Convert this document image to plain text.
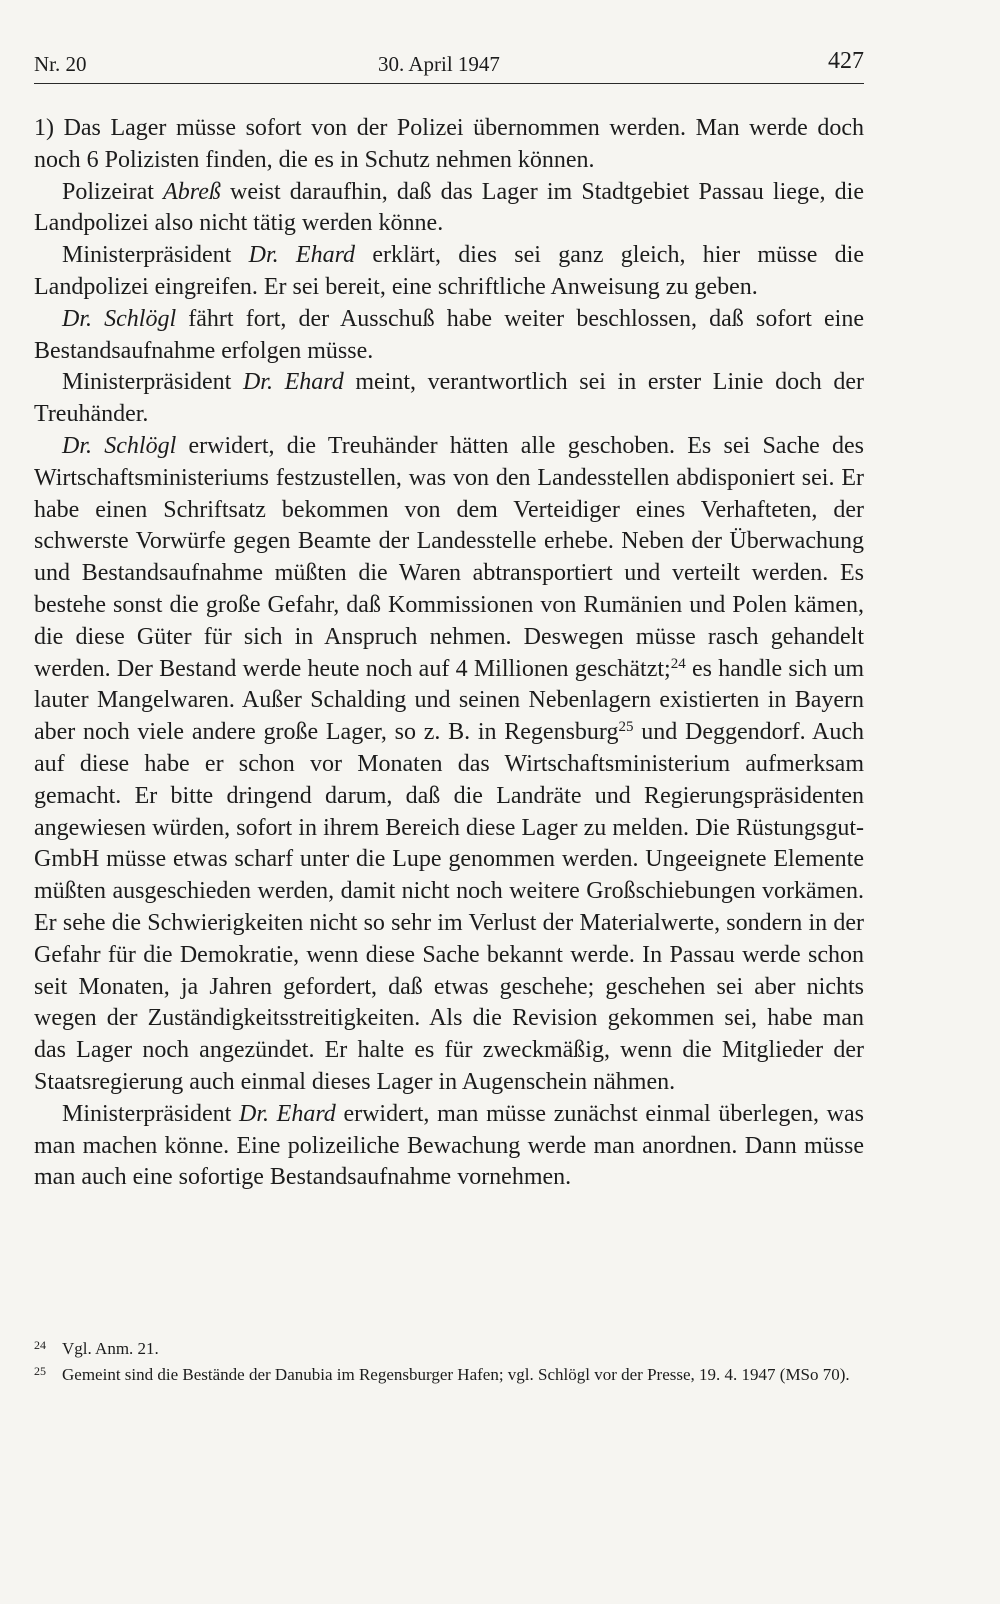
Nr. 20	30. April 1947	427

1) Das Lager müsse sofort von der Polizei übernommen werden. Man werde doch noch 6 Polizisten finden, die es in Schutz nehmen können.

Polizeirat Abreß weist daraufhin, daß das Lager im Stadtgebiet Passau liege, die Landpolizei also nicht tätig werden könne.

Ministerpräsident Dr. Ehard erklärt, dies sei ganz gleich, hier müsse die Landpolizei eingreifen. Er sei bereit, eine schriftliche Anweisung zu geben.

Dr. Schlögl fährt fort, der Ausschuß habe weiter beschlossen, daß sofort eine Bestandsaufnahme erfolgen müsse.

Ministerpräsident Dr. Ehard meint, verantwortlich sei in erster Linie doch der Treuhänder.

Dr. Schlögl erwidert, die Treuhänder hätten alle geschoben. Es sei Sache des Wirtschaftsministeriums festzustellen, was von den Landesstellen abdisponiert sei. Er habe einen Schriftsatz bekommen von dem Verteidiger eines Verhafteten, der schwerste Vorwürfe gegen Beamte der Landesstelle erhebe. Neben der Überwachung und Bestandsaufnahme müßten die Waren abtransportiert und verteilt werden. Es bestehe sonst die große Gefahr, daß Kommissionen von Rumänien und Polen kämen, die diese Güter für sich in Anspruch nehmen. Deswegen müsse rasch gehandelt werden. Der Bestand werde heute noch auf 4 Millionen geschätzt;$^{24}$ es handle sich um lauter Mangelwaren. Außer Schalding und seinen Nebenlagern existierten in Bayern aber noch viele andere große Lager, so z. B. in Regensburg$^{25}$ und Deggendorf. Auch auf diese habe er schon vor Monaten das Wirtschaftsministerium aufmerksam gemacht. Er bitte dringend darum, daß die Landräte und Regierungspräsidenten angewiesen würden, sofort in ihrem Bereich diese Lager zu melden. Die Rüstungsgut-GmbH müsse etwas scharf unter die Lupe genommen werden. Ungeeignete Elemente müßten ausgeschieden werden, damit nicht noch weitere Großschiebungen vorkämen. Er sehe die Schwierigkeiten nicht so sehr im Verlust der Materialwerte, sondern in der Gefahr für die Demokratie, wenn diese Sache bekannt werde. In Passau werde schon seit Monaten, ja Jahren gefordert, daß etwas geschehe; geschehen sei aber nichts wegen der Zuständigkeitsstreitigkeiten. Als die Revision gekommen sei, habe man das Lager noch angezündet. Er halte es für zweckmäßig, wenn die Mitglieder der Staatsregierung auch einmal dieses Lager in Augenschein nähmen.

Ministerpräsident Dr. Ehard erwidert, man müsse zunächst einmal überlegen, was man machen könne. Eine polizeiliche Bewachung werde man anordnen. Dann müsse man auch eine sofortige Bestandsaufnahme vornehmen.

24 Vgl. Anm. 21.
25 Gemeint sind die Bestände der Danubia im Regensburger Hafen; vgl. Schlögl vor der Presse, 19. 4. 1947 (MSo 70).
